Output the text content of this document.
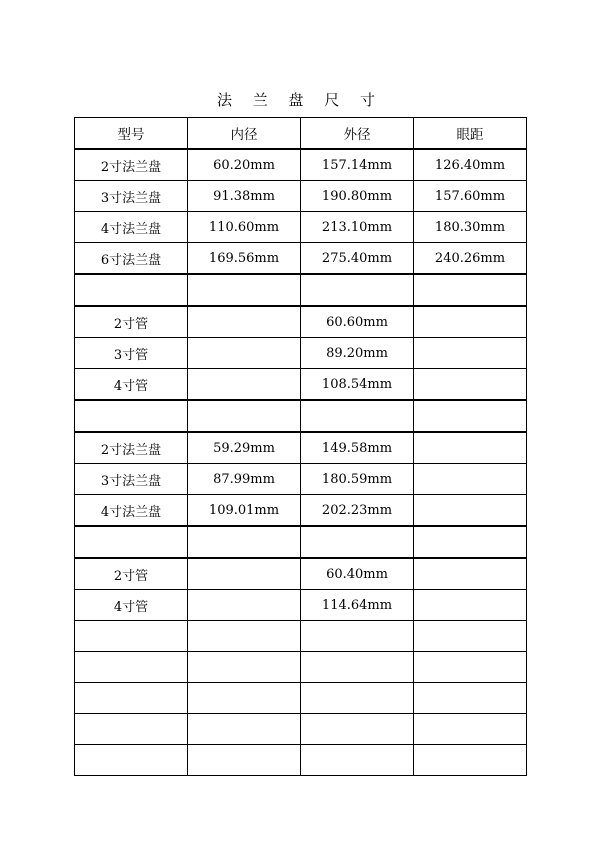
法 兰 盘 尺 寸
型号	内径	外径	眼距
2寸法兰盘	60.20mm	157.14mm	126.40mm
3寸法兰盘	91.38mm	190.80mm	157.60mm
4寸法兰盘	110.60mm	213.10mm	180.30mm
6寸法兰盘	169.56mm	275.40mm	240.26mm

2寸管		60.60mm	
3寸管		89.20mm	
4寸管		108.54mm	

2寸法兰盘	59.29mm	149.58mm	
3寸法兰盘	87.99mm	180.59mm	
4寸法兰盘	109.01mm	202.23mm	

2寸管		60.40mm	
4寸管		114.64mm	
